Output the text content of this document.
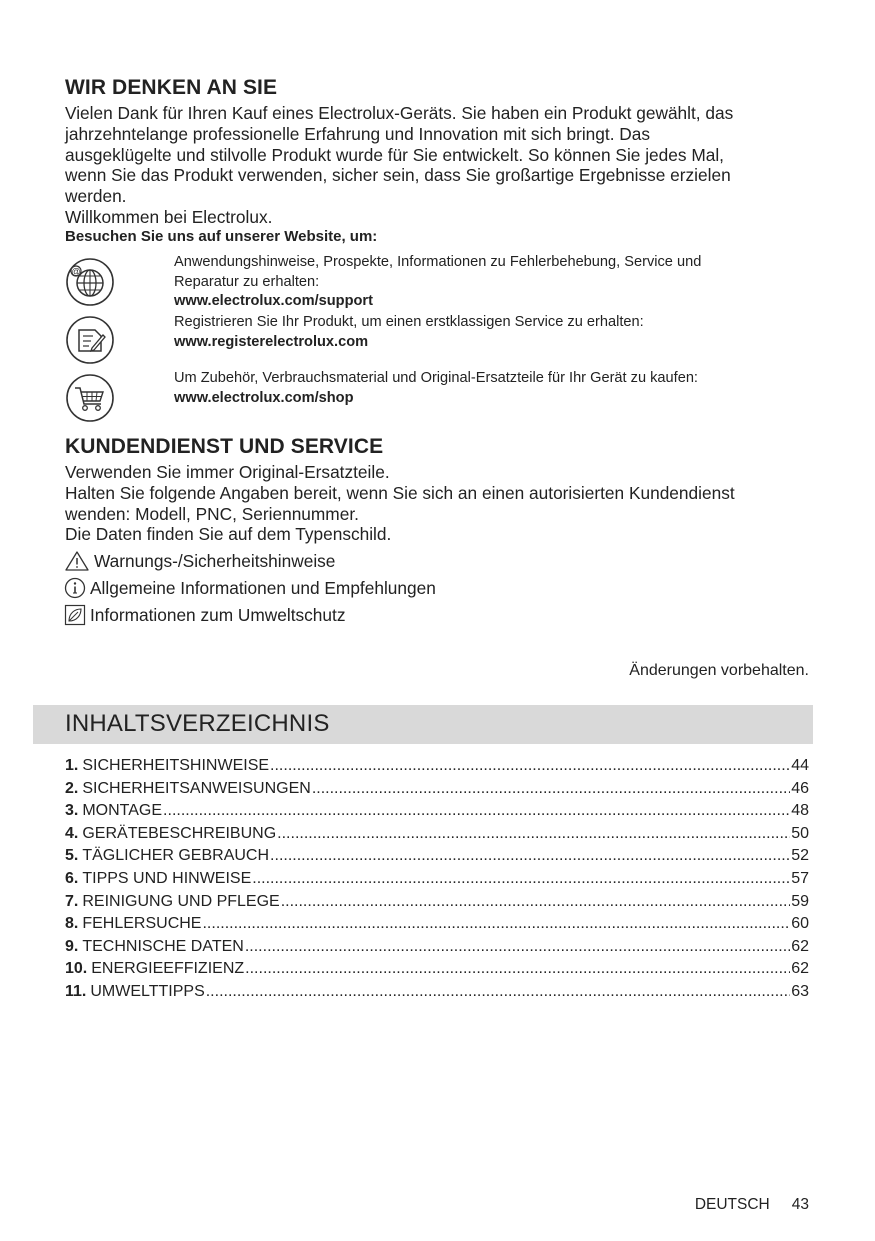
WIR DENKEN AN SIE
Vielen Dank für Ihren Kauf eines Electrolux-Geräts. Sie haben ein Produkt gewählt, das
jahrzehntelange professionelle Erfahrung und Innovation mit sich bringt. Das
ausgeklügelte und stilvolle Produkt wurde für Sie entwickelt. So können Sie jedes Mal,
wenn Sie das Produkt verwenden, sicher sein, dass Sie großartige Ergebnisse erzielen
werden.
Willkommen bei Electrolux.
Besuchen Sie uns auf unserer Website, um:
@
Anwendungshinweise, Prospekte, Informationen zu Fehlerbehebung, Service und
Reparatur zu erhalten:
www.electrolux.com/support
Registrieren Sie Ihr Produkt, um einen erstklassigen Service zu erhalten:
www.registerelectrolux.com
Um Zubehör, Verbrauchsmaterial und Original-Ersatzteile für Ihr Gerät zu kaufen:
www.electrolux.com/shop
KUNDENDIENST UND SERVICE
Verwenden Sie immer Original-Ersatzteile.
Halten Sie folgende Angaben bereit, wenn Sie sich an einen autorisierten Kundendienst
wenden: Modell, PNC, Seriennummer.
Die Daten finden Sie auf dem Typenschild.
Warnungs-/Sicherheitshinweise
Allgemeine Informationen und Empfehlungen
Informationen zum Umweltschutz
Änderungen vorbehalten.
INHALTSVERZEICHNIS
1. SICHERHEITSHINWEISE .....	44
2. SICHERHEITSANWEISUNGEN .....	46
3. MONTAGE .....	48
4. GERÄTEBESCHREIBUNG .....	50
5. TÄGLICHER GEBRAUCH .....	52
6. TIPPS UND HINWEISE .....	57
7. REINIGUNG UND PFLEGE .....	59
8. FEHLERSUCHE .....	60
9. TECHNISCHE DATEN .....	62
10. ENERGIEEFFIZIENZ .....	62
11. UMWELTTIPPS .....	63
DEUTSCH 43
